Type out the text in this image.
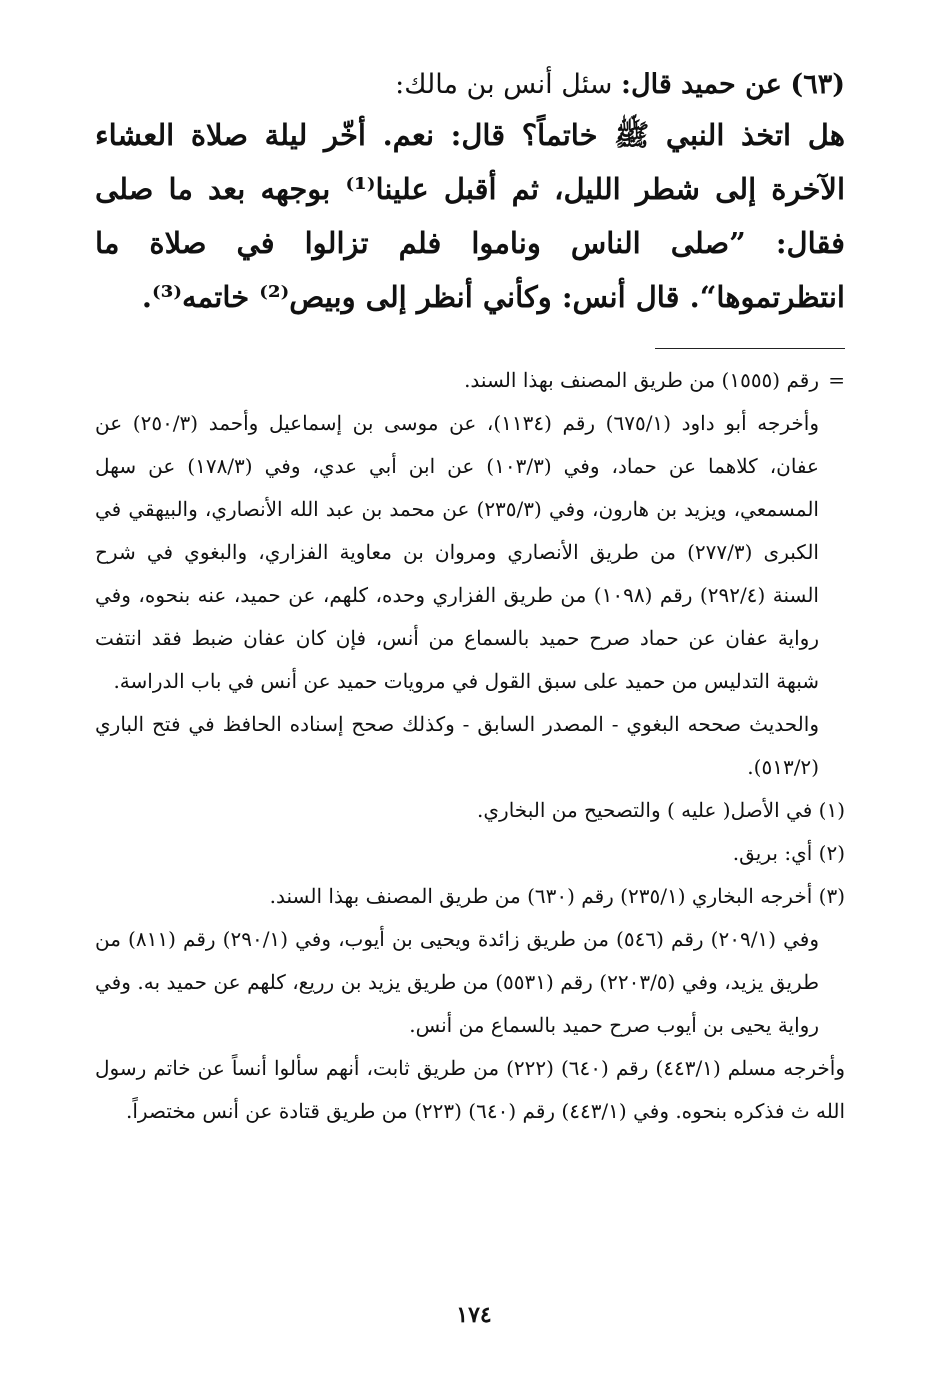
(٦٣) عن حميد قال: سئل أنس بن مالك:

هل اتخذ النبي ﷺ خاتماً؟ قال: نعم. أخّر ليلة صلاة العشاء الآخرة إلى شطر الليل، ثم أقبل علينا⁽¹⁾ بوجهه بعد ما صلى فقال: ”صلى الناس وناموا فلم تزالوا في صلاة ما انتظرتموها“. قال أنس: وكأني أنظر إلى وبيص⁽²⁾ خاتمه⁽³⁾.

=
رقم (١٥٥٥) من طريق المصنف بهذا السند.

وأخرجه أبو داود (٦٧٥/١) رقم (١١٣٤)، عن موسى بن إسماعيل وأحمد (٢٥٠/٣) عن عفان، كلاهما عن حماد، وفي (١٠٣/٣) عن ابن أبي عدي، وفي (١٧٨/٣) عن سهل المسمعي، ويزيد بن هارون، وفي (٢٣٥/٣) عن محمد بن عبد الله الأنصاري، والبيهقي في الكبرى (٢٧٧/٣) من طريق الأنصاري ومروان بن معاوية الفزاري، والبغوي في شرح السنة (٢٩٢/٤) رقم (١٠٩٨) من طريق الفزاري وحده، كلهم، عن حميد، عنه بنحوه، وفي رواية عفان عن حماد صرح حميد بالسماع من أنس، فإن كان عفان ضبط فقد انتفت شبهة التدليس من حميد على سبق القول في مرويات حميد عن أنس في باب الدراسة.

والحديث صححه البغوي - المصدر السابق - وكذلك صحح إسناده الحافظ في فتح الباري (٥١٣/٢).

(١) في الأصل( عليه ) والتصحيح من البخاري.

(٢) أي: بريق.

(٣) أخرجه البخاري (٢٣٥/١) رقم (٦٣٠) من طريق المصنف بهذا السند.

وفي (٢٠٩/١) رقم (٥٤٦) من طريق زائدة ويحيى بن أيوب، وفي (٢٩٠/١) رقم (٨١١) من طريق يزيد، وفي (٢٢٠٣/٥) رقم (٥٥٣١) من طريق يزيد بن رريع، كلهم عن حميد به. وفي رواية يحيى بن أيوب صرح حميد بالسماع من أنس.

وأخرجه مسلم (٤٤٣/١) رقم (٦٤٠) (٢٢٢) من طريق ثابت، أنهم سألوا أنساً عن خاتم رسول الله ث فذكره بنحوه. وفي (٤٤٣/١) رقم (٦٤٠) (٢٢٣) من طريق قتادة عن أنس مختصراً.

١٧٤
